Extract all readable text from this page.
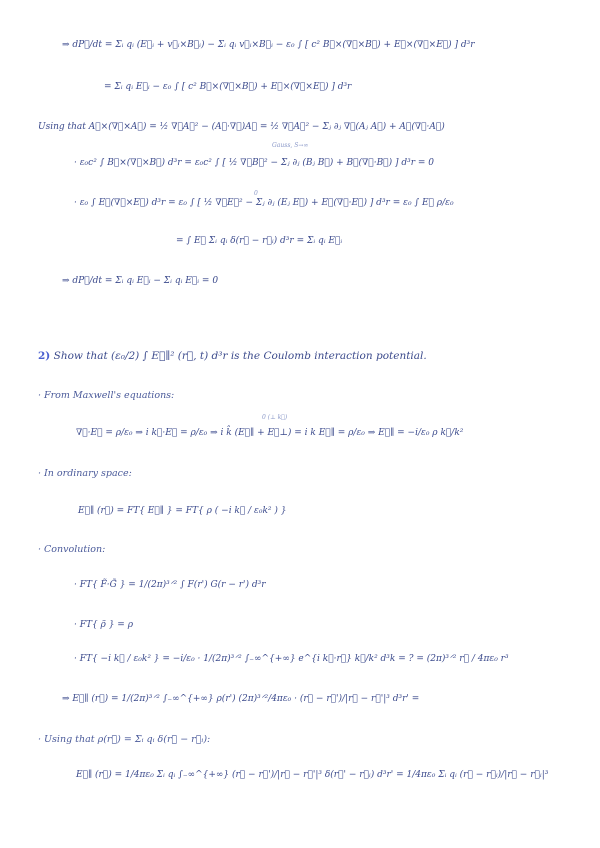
⇒ dP⃗/dt = Σᵢ qᵢ (E⃗ᵢ + v⃗ᵢ×B⃗ᵢ) − Σᵢ qᵢ v⃗ᵢ×B⃗ᵢ − ε₀ ∫ [ c² B⃗×(∇⃗×B⃗) + E⃗×(∇⃗×E⃗) ] d³r
= Σᵢ qᵢ E⃗ᵢ − ε₀ ∫ [ c² B⃗×(∇⃗×B⃗) + E⃗×(∇⃗×E⃗) ] d³r
Using that A⃗×(∇⃗×A⃗) = ½ ∇⃗A⃗² − (A⃗·∇⃗)A⃗ = ½ ∇⃗A⃗² − Σⱼ ∂ⱼ ∇⃗(Aⱼ A⃗) + A⃗(∇⃗·A⃗)
Gauss, S→∞
· ε₀c² ∫ B⃗×(∇⃗×B⃗) d³r = ε₀c² ∫ [ ½ ∇⃗B⃗² − Σⱼ ∂ⱼ (Bⱼ B⃗) + B⃗(∇⃗·B⃗) ] d³r = 0
0
· ε₀ ∫ E⃗(∇⃗×E⃗) d³r = ε₀ ∫ [ ½ ∇⃗E⃗² − Σⱼ ∂ⱼ (Eⱼ E⃗) + E⃗(∇⃗·E⃗) ] d³r = ε₀ ∫ E⃗ ρ/ε₀
= ∫ E⃗ Σᵢ qᵢ δ(r⃗ − r⃗ᵢ) d³r = Σᵢ qᵢ E⃗ᵢ
⇒ dP⃗/dt = Σᵢ qᵢ E⃗ᵢ − Σᵢ qᵢ E⃗ᵢ = 0
2) Show that (ε₀/2) ∫ E⃗∥² (r⃗, t) d³r is the Coulomb interaction potential.
· From Maxwell's equations:
0 (⊥ k⃗)
∇⃗·E⃗ = ρ/ε₀ ⇒ i k⃗·E⃗ = ρ/ε₀ ⇒ i k̂ (E⃗∥ + E⃗⊥) = i k E⃗∥ = ρ/ε₀ ⇒ E⃗∥ = −i/ε₀ ρ k⃗/k²
· In ordinary space:
E⃗∥ (r⃗) = FT{ E⃗∥ } = FT{ ρ ( −i k⃗ / ε₀k² ) }
· Convolution:
· FT{ F̃·G̃ } = 1/(2π)³ᐟ² ∫ F(r') G(r − r') d³r
· FT{ ρ̃ } = ρ
· FT{ −i k⃗ / ε₀k² } = −i/ε₀ · 1/(2π)³ᐟ² ∫₋∞^{+∞} e^{i k⃗·r⃗} k⃗/k² d³k = ? = (2π)³ᐟ² r⃗ / 4πε₀ r³
⇒ E⃗∥ (r⃗) = 1/(2π)³ᐟ² ∫₋∞^{+∞} ρ(r') (2π)³ᐟ²/4πε₀ · (r⃗ − r⃗')/|r⃗ − r⃗'|³ d³r' =
· Using that ρ(r⃗) = Σᵢ qᵢ δ(r⃗ − r⃗ᵢ):
E⃗∥ (r⃗) = 1/4πε₀ Σᵢ qᵢ ∫₋∞^{+∞} (r⃗ − r⃗')/|r⃗ − r⃗'|³ δ(r⃗' − r⃗ᵢ) d³r' = 1/4πε₀ Σᵢ qᵢ (r⃗ − r⃗ᵢ)/|r⃗ − r⃗ᵢ|³
